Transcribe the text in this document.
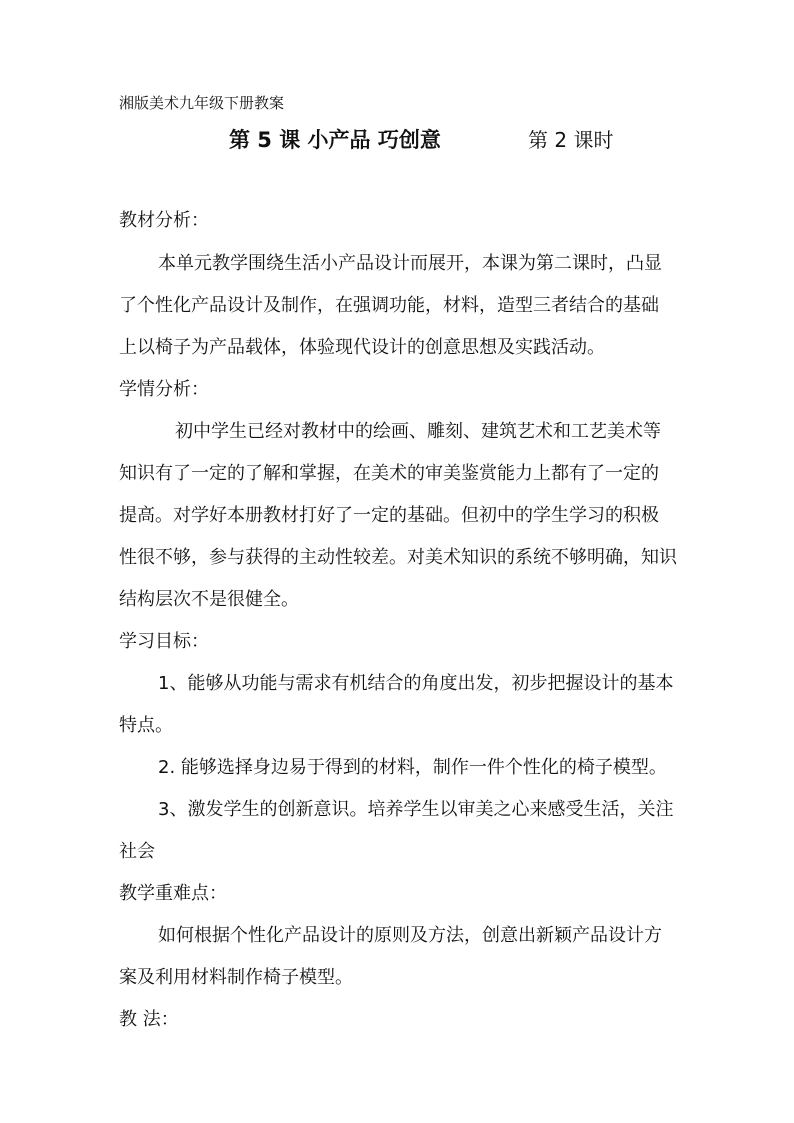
湘版美术九年级下册教案
第 5 课 小产品 巧创意	第 2 课时
教材分析：
本单元教学围绕生活小产品设计而展开，本课为第二课时，凸显
了个性化产品设计及制作，在强调功能，材料，造型三者结合的基础
上以椅子为产品载体，体验现代设计的创意思想及实践活动。
学情分析：
初中学生已经对教材中的绘画、雕刻、建筑艺术和工艺美术等
知识有了一定的了解和掌握，在美术的审美鉴赏能力上都有了一定的
提高。对学好本册教材打好了一定的基础。但初中的学生学习的积极
性很不够，参与获得的主动性较差。对美术知识的系统不够明确，知识
结构层次不是很健全。
学习目标：
1、能够从功能与需求有机结合的角度出发，初步把握设计的基本
特点。
2. 能够选择身边易于得到的材料，制作一件个性化的椅子模型。
3、激发学生的创新意识。培养学生以审美之心来感受生活，关注
社会
教学重难点：
如何根据个性化产品设计的原则及方法，创意出新颖产品设计方
案及利用材料制作椅子模型。
教 法：
